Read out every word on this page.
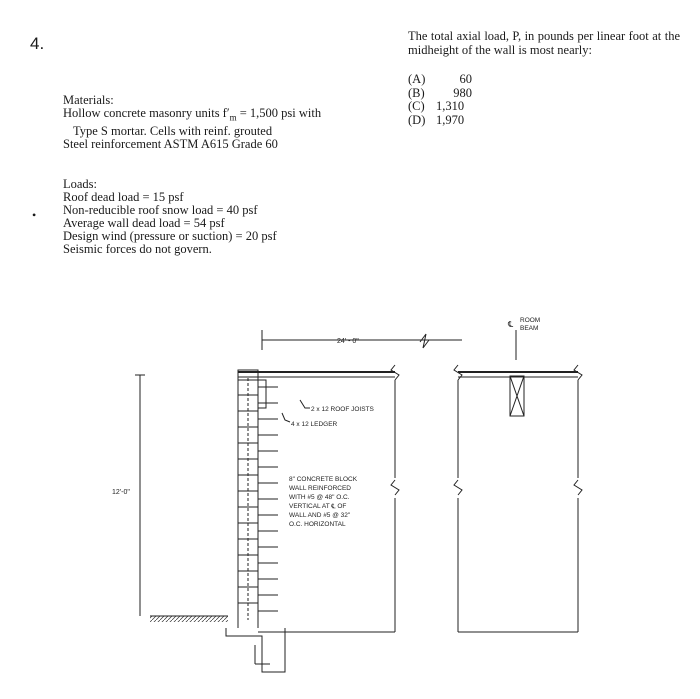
4.
•

Materials:

Hollow concrete masonry units $f'_m = 1,500$ psi with Type S mortar. Cells with reinf. grouted

Steel reinforcement ASTM A615 Grade 60

Loads:

Roof dead load = 15 psf

Non-reducible roof snow load = 40 psf

Average wall dead load = 54 psf

Design wind (pressure or suction) = 20 psf

Seismic forces do not govern.

The total axial load, P, in pounds per linear foot at the midheight of the wall is most nearly:

(A)	60
(B)	980
(C) 1,310
(D) 1,970
24' - 0"
12'-0"
2 x 12 ROOF JOISTS
4 x 12 LEDGER
8" CONCRETE BLOCK
WALL REINFORCED
WITH #5 @ 48" O.C.
VERTICAL AT ℄ OF
WALL AND #5 @ 32"
O.C. HORIZONTAL
℄ ROOM
BEAM
